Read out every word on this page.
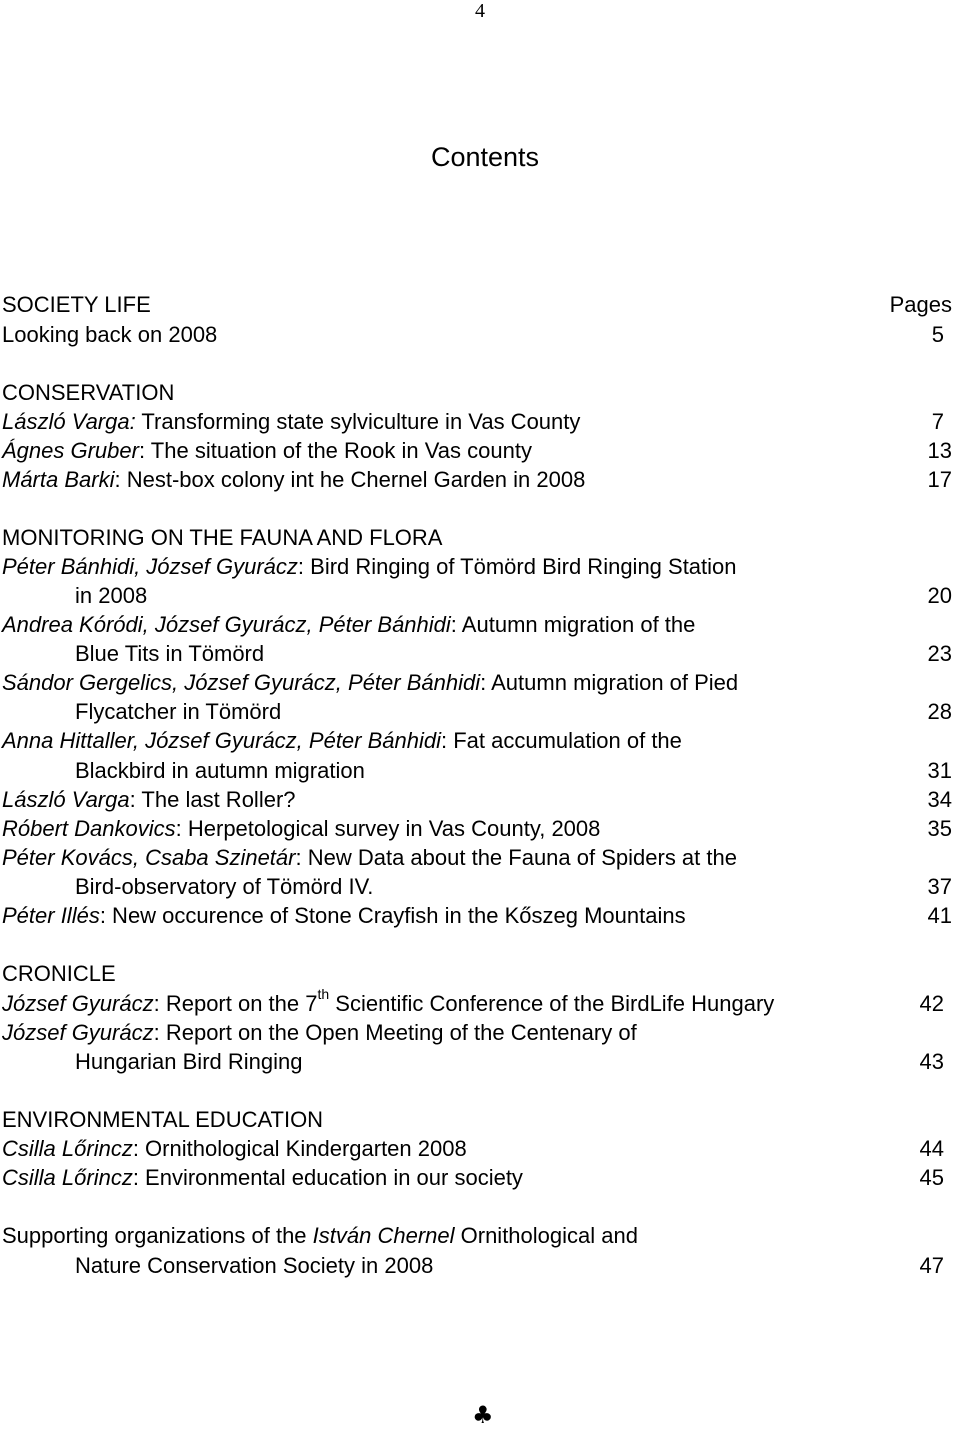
4
Contents
SOCIETY LIFE	Pages
Looking back on 2008	5
CONSERVATION
László Varga: Transforming state sylviculture in Vas County	7
Ágnes Gruber: The situation of the Rook in Vas county	13
Márta Barki: Nest-box colony int he Chernel Garden in 2008	17
MONITORING ON THE FAUNA AND FLORA
Péter Bánhidi, József Gyurácz: Bird Ringing of Tömörd Bird Ringing Station
in 2008	20
Andrea Kóródi, József Gyurácz, Péter Bánhidi: Autumn migration of the
Blue Tits in Tömörd	23
Sándor Gergelics, József Gyurácz, Péter Bánhidi: Autumn migration of Pied
Flycatcher in Tömörd	28
Anna Hittaller, József Gyurácz, Péter Bánhidi: Fat accumulation of the
Blackbird in autumn migration	31
László Varga: The last Roller?	34
Róbert Dankovics: Herpetological survey in Vas County, 2008	35
Péter Kovács, Csaba Szinetár: New Data about the Fauna of Spiders at the
Bird-observatory of Tömörd IV.	37
Péter Illés: New occurence of Stone Crayfish in the Kőszeg Mountains	41
CRONICLE
József Gyurácz: Report on the 7th Scientific Conference of the BirdLife Hungary	42
József Gyurácz: Report on the Open Meeting of the Centenary of
Hungarian Bird Ringing	43
ENVIRONMENTAL EDUCATION
Csilla Lőrincz: Ornithological Kindergarten 2008	44
Csilla Lőrincz: Environmental education in our society	45
Supporting organizations of the István Chernel Ornithological and
Nature Conservation Society in 2008	47
♣
